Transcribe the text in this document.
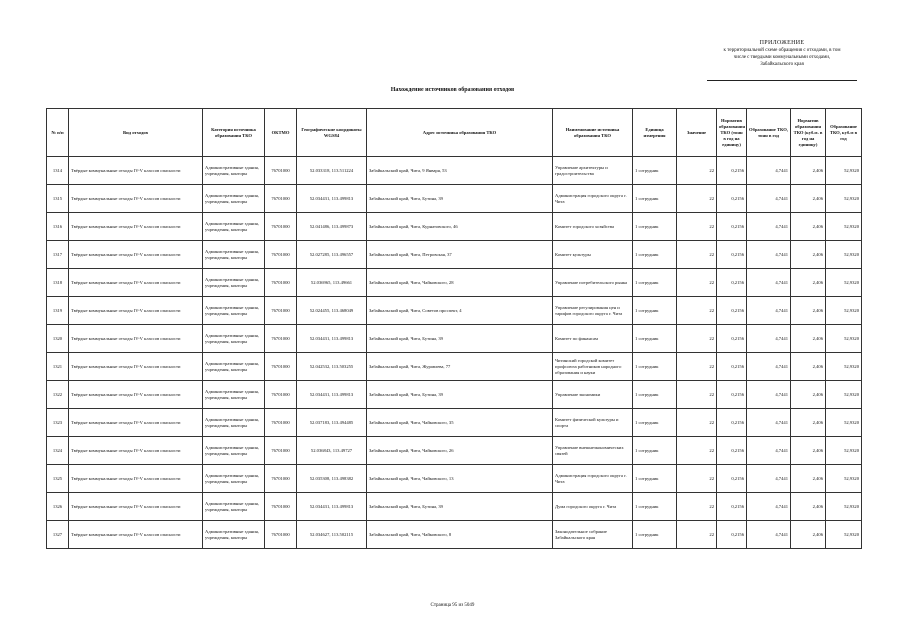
ПРИЛОЖЕНИЕ
к территориальной схеме обращения с отходами, в том
числе с твердыми коммунальными отходами,
Забайкальского края
Нахождение источников образования отходов
№ п/п	Вид отходов	Категория источника образования ТКО	ОКТМО	Географические координаты WGS84	Адрес источника образования ТКО	Наименование источника образования ТКО	Единица измерения	Значение	Норматив образования ТКО (тонн в год на единицу)	Образование ТКО, тонн в год	Норматив образования ТКО (куб.м. в год на единицу)	Образование ТКО, куб.м в год
1314	Твёрдые коммунальные отходы IV-V классов опасности	Административные здания, учреждения, конторы	76701000	52.033318, 113.511224	Забайкальский край, Чита, 9 Января, 53	Управление архитектуры и градостроительства	1 сотрудник	22	0,2156	4,7441	2,406	52,9320
1315	Твёрдые коммунальные отходы IV-V классов опасности	Административные здания, учреждения, конторы	76701000	52.034431, 113.499813	Забайкальский край, Чита, Бутина, 39	Администрация городского округа г. Чита	1 сотрудник	22	0,2156	4,7441	2,406	52,9320
1316	Твёрдые коммунальные отходы IV-V классов опасности	Административные здания, учреждения, конторы	76701000	52.041486, 113.499873	Забайкальский край, Чита, Курнатовского, 46	Комитет городского хозяйства	1 сотрудник	22	0,2156	4,7441	2,406	52,9320
1317	Твёрдые коммунальные отходы IV-V классов опасности	Административные здания, учреждения, конторы	76701000	52.027285, 113.496557	Забайкальский край, Чита, Петровская, 37	Комитет культуры	1 сотрудник	22	0,2156	4,7441	2,406	52,9320
1318	Твёрдые коммунальные отходы IV-V классов опасности	Административные здания, учреждения, конторы	76701000	52.036965, 113.49661	Забайкальский край, Чита, Чайковского, 28	Управление потребительского рынка	1 сотрудник	22	0,2156	4,7441	2,406	52,9320
1319	Твёрдые коммунальные отходы IV-V классов опасности	Административные здания, учреждения, конторы	76701000	52.024455, 113.468049	Забайкальский край, Чита, Советов проспект, 4	Управление регулирования цен и тарифов городского округа г. Чита	1 сотрудник	22	0,2156	4,7441	2,406	52,9320
1320	Твёрдые коммунальные отходы IV-V классов опасности	Административные здания, учреждения, конторы	76701000	52.034431, 113.499813	Забайкальский край, Чита, Бутина, 39	Комитет по финансам	1 сотрудник	22	0,2156	4,7441	2,406	52,9320
1321	Твёрдые коммунальные отходы IV-V классов опасности	Административные здания, учреждения, конторы	76701000	52.042532, 113.503255	Забайкальский край, Чита, Журавлева, 77	Читинский городской комитет профсоюза работников народного образования и науки	1 сотрудник	22	0,2156	4,7441	2,406	52,9320
1322	Твёрдые коммунальные отходы IV-V классов опасности	Административные здания, учреждения, конторы	76701000	52.034431, 113.499813	Забайкальский край, Чита, Бутина, 39	Управление экономики	1 сотрудник	22	0,2156	4,7441	2,406	52,9320
1323	Твёрдые коммунальные отходы IV-V классов опасности	Административные здания, учреждения, конторы	76701000	52.037183, 113.494485	Забайкальский край, Чита, Чайковского, 35	Комитет физической культуры и спорта	1 сотрудник	22	0,2156	4,7441	2,406	52,9320
1324	Твёрдые коммунальные отходы IV-V классов опасности	Административные здания, учреждения, конторы	76701000	52.036843, 113.49727	Забайкальский край, Чита, Чайковского, 26	Управление внешнеэкономических связей	1 сотрудник	22	0,2156	4,7441	2,406	52,9320
1325	Твёрдые коммунальные отходы IV-V классов опасности	Административные здания, учреждения, конторы	76701000	52.035308, 113.498382	Забайкальский край, Чита, Чайковского, 13	Администрация городского округа г. Чита	1 сотрудник	22	0,2156	4,7441	2,406	52,9320
1326	Твёрдые коммунальные отходы IV-V классов опасности	Административные здания, учреждения, конторы	76701000	52.034431, 113.499813	Забайкальский край, Чита, Бутина, 39	Дума городского округа г. Чита	1 сотрудник	22	0,2156	4,7441	2,406	52,9320
1327	Твёрдые коммунальные отходы IV-V классов опасности	Административные здания, учреждения, конторы	76701000	52.034627, 113.502115	Забайкальский край, Чита, Чайковского, 8	Законодательное собрание Забайкальского края	1 сотрудник	22	0,2156	4,7441	2,406	52,9320
Страница 95 из 5049
